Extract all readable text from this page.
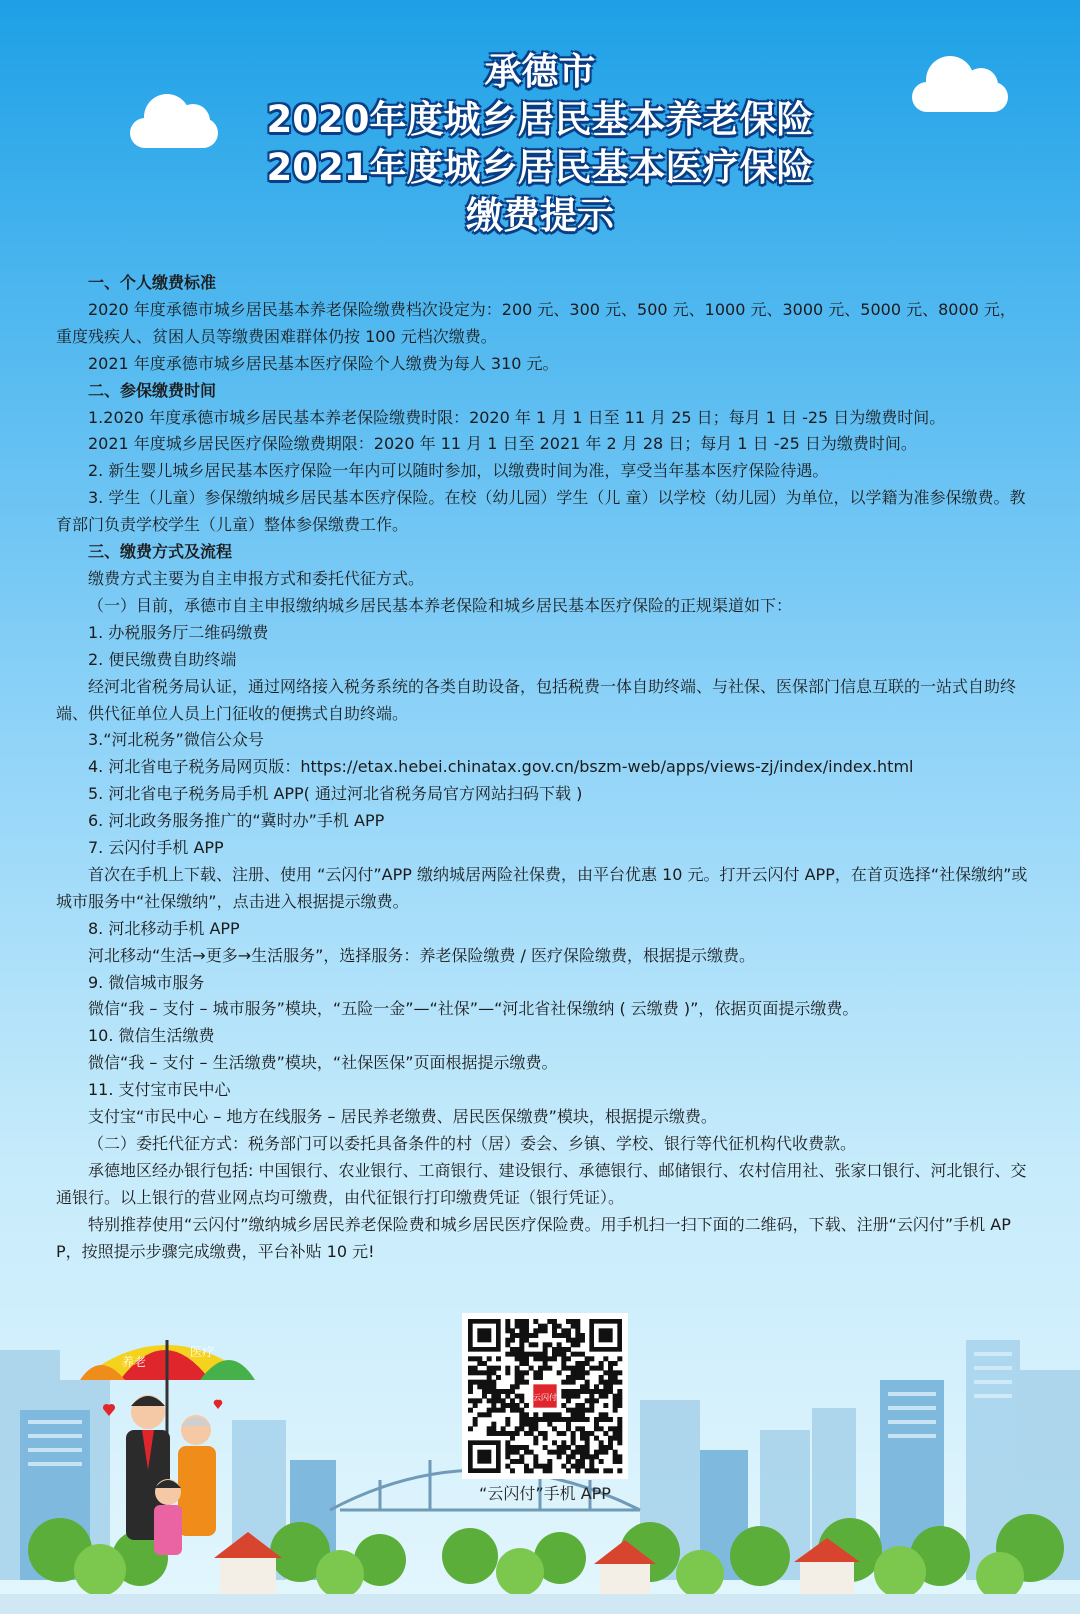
承德市
2020年度城乡居民基本养老保险
2021年度城乡居民基本医疗保险
缴费提示

一、个人缴费标准

2020 年度承德市城乡居民基本养老保险缴费档次设定为：200 元、300 元、500 元、1000 元、3000 元、5000 元、8000 元，重度残疾人、贫困人员等缴费困难群体仍按 100 元档次缴费。

2021 年度承德市城乡居民基本医疗保险个人缴费为每人 310 元。

二、参保缴费时间

1.2020 年度承德市城乡居民基本养老保险缴费时限：2020 年 1 月 1 日至 11 月 25 日；每月 1 日 -25 日为缴费时间。

2021 年度城乡居民医疗保险缴费期限：2020 年 11 月 1 日至 2021 年 2 月 28 日；每月 1 日 -25 日为缴费时间。

2. 新生婴儿城乡居民基本医疗保险一年内可以随时参加，以缴费时间为准，享受当年基本医疗保险待遇。

3. 学生（儿童）参保缴纳城乡居民基本医疗保险。在校（幼儿园）学生（儿 童）以学校（幼儿园）为单位，以学籍为准参保缴费。教育部门负责学校学生（儿童）整体参保缴费工作。

三、缴费方式及流程

缴费方式主要为自主申报方式和委托代征方式。

（一）目前，承德市自主申报缴纳城乡居民基本养老保险和城乡居民基本医疗保险的正规渠道如下：

1. 办税服务厅二维码缴费

2. 便民缴费自助终端

经河北省税务局认证，通过网络接入税务系统的各类自助设备，包括税费一体自助终端、与社保、医保部门信息互联的一站式自助终端、供代征单位人员上门征收的便携式自助终端。

3.“河北税务”微信公众号

4. 河北省电子税务局网页版：https://etax.hebei.chinatax.gov.cn/bszm-web/apps/views-zj/index/index.html

5. 河北省电子税务局手机 APP( 通过河北省税务局官方网站扫码下载 )

6. 河北政务服务推广的“冀时办”手机 APP

7. 云闪付手机 APP

首次在手机上下载、注册、使用 “云闪付”APP 缴纳城居两险社保费，由平台优惠 10 元。打开云闪付 APP，在首页选择“社保缴纳”或城市服务中“社保缴纳”，点击进入根据提示缴费。

8. 河北移动手机 APP

河北移动“生活→更多→生活服务”，选择服务：养老保险缴费 / 医疗保险缴费，根据提示缴费。

9. 微信城市服务

微信“我 – 支付 – 城市服务”模块，“五险一金”—“社保”—“河北省社保缴纳 ( 云缴费 )”，依据页面提示缴费。

10. 微信生活缴费

微信“我 – 支付 – 生活缴费”模块，“社保医保”页面根据提示缴费。

11. 支付宝市民中心

支付宝“市民中心 – 地方在线服务 – 居民养老缴费、居民医保缴费”模块，根据提示缴费。

（二）委托代征方式：税务部门可以委托具备条件的村（居）委会、乡镇、学校、银行等代征机构代收费款。

承德地区经办银行包括: 中国银行、农业银行、工商银行、建设银行、承德银行、邮储银行、农村信用社、张家口银行、河北银行、交通银行。以上银行的营业网点均可缴费，由代征银行打印缴费凭证（银行凭证）。

特别推荐使用“云闪付”缴纳城乡居民养老保险费和城乡居民医疗保险费。用手机扫一扫下面的二维码，下载、注册“云闪付”手机 APP，按照提示步骤完成缴费，平台补贴 10 元!

养老
医疗
云闪付
“云闪付”手机 APP
